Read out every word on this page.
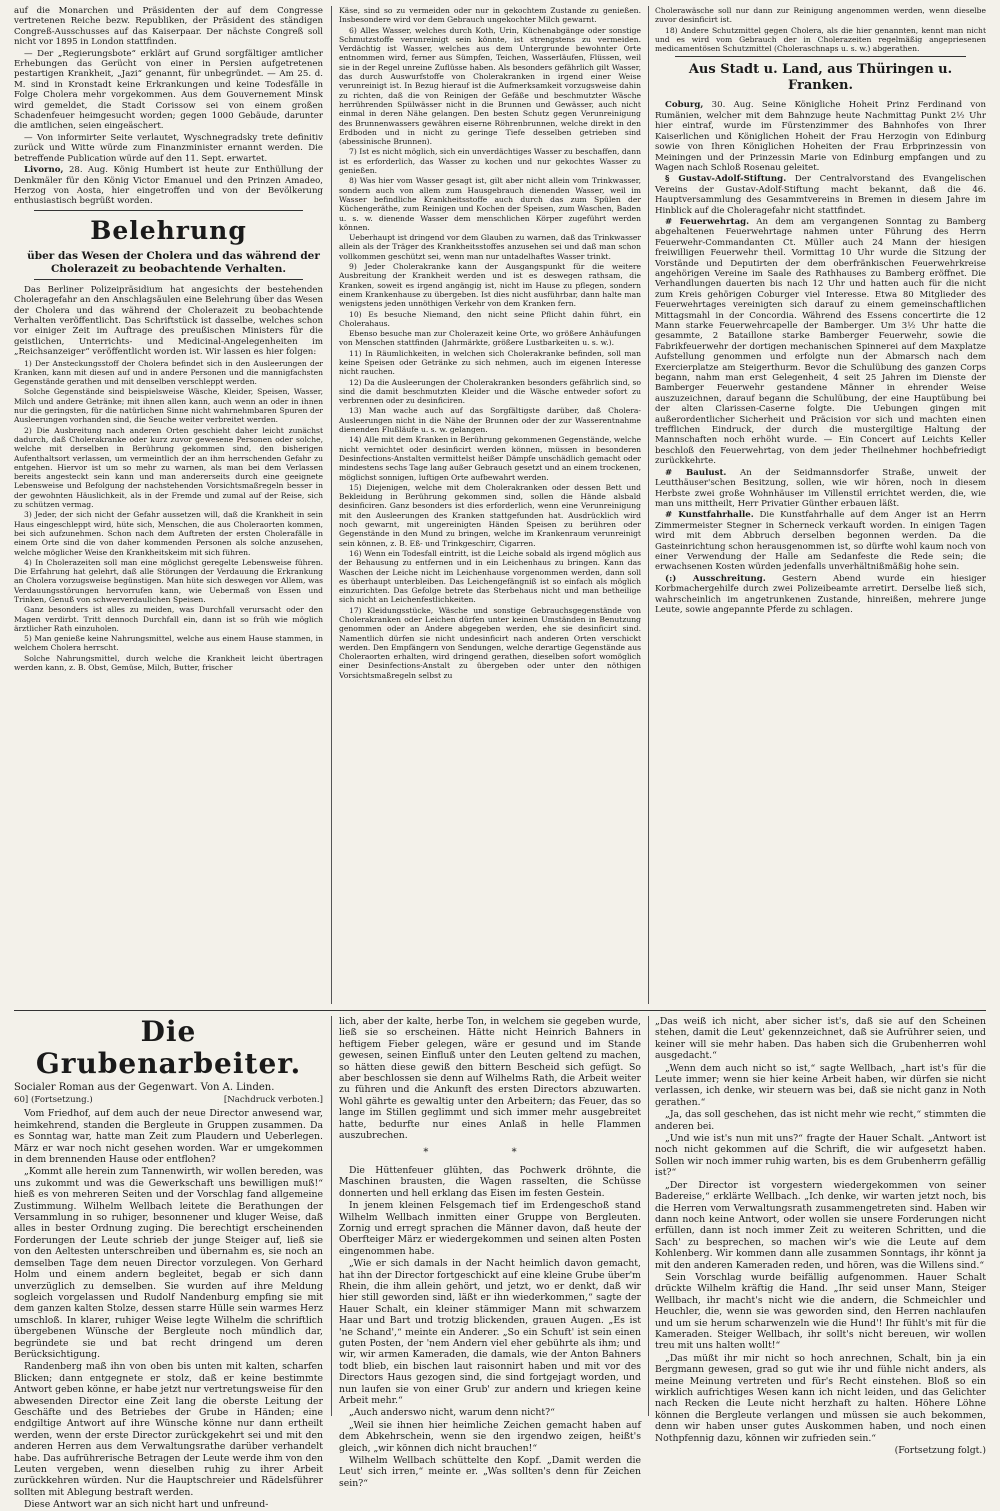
auf die Monarchen und Präsidenten der auf dem Congresse vertretenen Reiche bezw. Republiken, der Präsident des ständigen Congreß-Ausschusses auf das Kaiserpaar. Der nächste Congreß soll nicht vor 1895 in London stattfinden.

— Der „Regierungsbote“ erklärt auf Grund sorgfältiger amtlicher Erhebungen das Gerücht von einer in Persien aufgetretenen pestartigen Krankheit, „Jazi“ genannt, für unbegründet. — Am 25. d. M. sind in Kronstadt keine Erkrankungen und keine Todesfälle in Folge Cholera mehr vorgekommen. Aus dem Gouvernement Minsk wird gemeldet, die Stadt Corissow sei von einem großen Schadenfeuer heimgesucht worden; gegen 1000 Gebäude, darunter die amtlichen, seien eingeäschert.

— Von informirter Seite verlautet, Wyschnegradsky trete definitiv zurück und Witte würde zum Finanzminister ernannt werden. Die betreffende Publication würde auf den 11. Sept. erwartet.

Livorno, 28. Aug. König Humbert ist heute zur Enthüllung der Denkmäler für den König Victor Emanuel und den Prinzen Amadeo, Herzog von Aosta, hier eingetroffen und von der Bevölkerung enthusiastisch begrüßt worden.

Belehrung

über das Wesen der Cholera und das während der Cholerazeit zu beobachtende Verhalten.

Das Berliner Polizeipräsidium hat angesichts der bestehenden Choleragefahr an den Anschlagsäulen eine Belehrung über das Wesen der Cholera und das während der Cholerazeit zu beobachtende Verhalten veröffentlicht. Das Schriftstück ist dasselbe, welches schon vor einiger Zeit im Auftrage des preußischen Ministers für die geistlichen, Unterrichts- und Medicinal-Angelegenheiten im „Reichsanzeiger“ veröffentlicht worden ist. Wir lassen es hier folgen:

1) Der Ansteckungsstoff der Cholera befindet sich in den Ausleerungen der Kranken, kann mit diesen auf und in andere Personen und die mannigfachsten Gegenstände gerathen und mit denselben verschleppt werden.

Solche Gegenstände sind beispielsweise Wäsche, Kleider, Speisen, Wasser, Milch und andere Getränke; mit ihnen allen kann, auch wenn an oder in ihnen nur die geringsten, für die natürlichen Sinne nicht wahrnehmbaren Spuren der Ausleerungen vorhanden sind, die Seuche weiter verbreitet werden.

2) Die Ausbreitung nach anderen Orten geschieht daher leicht zunächst dadurch, daß Cholerakranke oder kurz zuvor gewesene Personen oder solche, welche mit derselben in Berührung gekommen sind, den bisherigen Aufenthaltsort verlassen, um vermeintlich der an ihm herrschenden Gefahr zu entgehen. Hiervor ist um so mehr zu warnen, als man bei dem Verlassen bereits angesteckt sein kann und man andererseits durch eine geeignete Lebensweise und Befolgung der nachstehenden Vorsichtsmaßregeln besser in der gewohnten Häuslichkeit, als in der Fremde und zumal auf der Reise, sich zu schützen vermag.

3) Jeder, der sich nicht der Gefahr aussetzen will, daß die Krankheit in sein Haus eingeschleppt wird, hüte sich, Menschen, die aus Choleraorten kommen, bei sich aufzunehmen. Schon nach dem Auftreten der ersten Cholerafälle in einem Orte sind die von daher kommenden Personen als solche anzusehen, welche möglicher Weise den Krankheitskeim mit sich führen.

4) In Cholerazeiten soll man eine möglichst geregelte Lebensweise führen. Die Erfahrung hat gelehrt, daß alle Störungen der Verdauung die Erkrankung an Cholera vorzugsweise begünstigen. Man hüte sich deswegen vor Allem, was Verdauungsstörungen hervorrufen kann, wie Uebermaß von Essen und Trinken, Genuß von schwerverdaulichen Speisen.

Ganz besonders ist alles zu meiden, was Durchfall verursacht oder den Magen verdirbt. Tritt dennoch Durchfall ein, dann ist so früh wie möglich ärztlicher Rath einzuholen.

5) Man genieße keine Nahrungsmittel, welche aus einem Hause stammen, in welchem Cholera herrscht.

Solche Nahrungsmittel, durch welche die Krankheit leicht übertragen werden kann, z. B. Obst, Gemüse, Milch, Butter, frischer

Käse, sind so zu vermeiden oder nur in gekochtem Zustande zu genießen. Insbesondere wird vor dem Gebrauch ungekochter Milch gewarnt.

6) Alles Wasser, welches durch Koth, Urin, Küchenabgänge oder sonstige Schmutzstoffe verunreinigt sein könnte, ist strengstens zu vermeiden. Verdächtig ist Wasser, welches aus dem Untergrunde bewohnter Orte entnommen wird, ferner aus Sümpfen, Teichen, Wasserläufen, Flüssen, weil sie in der Regel unreine Zuflüsse haben. Als besonders gefährlich gilt Wasser, das durch Auswurfstoffe von Cholerakranken in irgend einer Weise verunreinigt ist. In Bezug hierauf ist die Aufmerksamkeit vorzugsweise dahin zu richten, daß die von Reinigen der Gefäße und beschmutzter Wäsche herrührenden Spülwässer nicht in die Brunnen und Gewässer, auch nicht einmal in deren Nähe gelangen. Den besten Schutz gegen Verunreinigung des Brunnenwassers gewähren eiserne Röhrenbrunnen, welche direkt in den Erdboden und in nicht zu geringe Tiefe desselben getrieben sind (abessinische Brunnen).

7) Ist es nicht möglich, sich ein unverdächtiges Wasser zu beschaffen, dann ist es erforderlich, das Wasser zu kochen und nur gekochtes Wasser zu genießen.

8) Was hier vom Wasser gesagt ist, gilt aber nicht allein vom Trinkwasser, sondern auch von allem zum Hausgebrauch dienenden Wasser, weil im Wasser befindliche Krankheitsstoffe auch durch das zum Spülen der Küchengeräthe, zum Reinigen und Kochen der Speisen, zum Waschen, Baden u. s. w. dienende Wasser dem menschlichen Körper zugeführt werden können.

Ueberhaupt ist dringend vor dem Glauben zu warnen, daß das Trinkwasser allein als der Träger des Krankheitsstoffes anzusehen sei und daß man schon vollkommen geschützt sei, wenn man nur untadelhaftes Wasser trinkt.

9) Jeder Cholerakranke kann der Ausgangspunkt für die weitere Ausbreitung der Krankheit werden und ist es deswegen rathsam, die Kranken, soweit es irgend angängig ist, nicht im Hause zu pflegen, sondern einem Krankenhause zu übergeben. Ist dies nicht ausführbar, dann halte man wenigstens jeden unnöthigen Verkehr von dem Kranken fern.

10) Es besuche Niemand, den nicht seine Pflicht dahin führt, ein Cholerahaus.

Ebenso besuche man zur Cholerazeit keine Orte, wo größere Anhäufungen von Menschen stattfinden (Jahrmärkte, größere Lustbarkeiten u. s. w.).

11) In Räumlichkeiten, in welchen sich Cholerakranke befinden, soll man keine Speisen oder Getränke zu sich nehmen, auch im eigenen Interesse nicht rauchen.

12) Da die Ausleerungen der Cholerakranken besonders gefährlich sind, so sind die damit beschmutzten Kleider und die Wäsche entweder sofort zu verbrennen oder zu desinficiren.

13) Man wache auch auf das Sorgfältigste darüber, daß Cholera-Ausleerungen nicht in die Nähe der Brunnen oder der zur Wasserentnahme dienenden Flußläufe u. s. w. gelangen.

14) Alle mit dem Kranken in Berührung gekommenen Gegenstände, welche nicht vernichtet oder desinficirt werden können, müssen in besonderen Desinfections-Anstalten vermittelst heißer Dämpfe unschädlich gemacht oder mindestens sechs Tage lang außer Gebrauch gesetzt und an einem trockenen, möglichst sonnigen, luftigen Orte aufbewahrt werden.

15) Diejenigen, welche mit dem Cholerakranken oder dessen Bett und Bekleidung in Berührung gekommen sind, sollen die Hände alsbald desinficiren. Ganz besonders ist dies erforderlich, wenn eine Verunreinigung mit den Ausleerungen des Kranken stattgefunden hat. Ausdrücklich wird noch gewarnt, mit ungereinigten Händen Speisen zu berühren oder Gegenstände in den Mund zu bringen, welche im Krankenraum verunreinigt sein können, z. B. Eß- und Trinkgeschirr, Cigarren.

16) Wenn ein Todesfall eintritt, ist die Leiche sobald als irgend möglich aus der Behausung zu entfernen und in ein Leichenhaus zu bringen. Kann das Waschen der Leiche nicht im Leichenhause vorgenommen werden, dann soll es überhaupt unterbleiben. Das Leichengefängniß ist so einfach als möglich einzurichten. Das Gefolge betrete das Sterbehaus nicht und man betheilige sich nicht an Leichenfestlichkeiten.

17) Kleidungsstücke, Wäsche und sonstige Gebrauchsgegenstände von Cholerakranken oder Leichen dürfen unter keinen Umständen in Benutzung genommen oder an Andere abgegeben werden, ehe sie desinficirt sind. Namentlich dürfen sie nicht undesinficirt nach anderen Orten verschickt werden. Den Empfängern von Sendungen, welche derartige Gegenstände aus Choleraorten erhalten, wird dringend gerathen, dieselben sofort womöglich einer Desinfections-Anstalt zu übergeben oder unter den nöthigen Vorsichtsmaßregeln selbst zu

Cholerawäsche soll nur dann zur Reinigung angenommen werden, wenn dieselbe zuvor desinficirt ist.

18) Andere Schutzmittel gegen Cholera, als die hier genannten, kennt man nicht und es wird vom Gebrauch der in Cholerazeiten regelmäßig angepriesenen medicamentösen Schutzmittel (Choleraschnaps u. s. w.) abgerathen.

Aus Stadt u. Land, aus Thüringen u. Franken.

Coburg, 30. Aug. Seine Königliche Hoheit Prinz Ferdinand von Rumänien, welcher mit dem Bahnzuge heute Nachmittag Punkt 2½ Uhr hier eintraf, wurde im Fürstenzimmer des Bahnhofes von Ihrer Kaiserlichen und Königlichen Hoheit der Frau Herzogin von Edinburg sowie von Ihren Königlichen Hoheiten der Frau Erbprinzessin von Meiningen und der Prinzessin Marie von Edinburg empfangen und zu Wagen nach Schloß Rosenau geleitet.

§ Gustav-Adolf-Stiftung. Der Centralvorstand des Evangelischen Vereins der Gustav-Adolf-Stiftung macht bekannt, daß die 46. Hauptversammlung des Gesammtvereins in Bremen in diesem Jahre im Hinblick auf die Choleragefahr nicht stattfindet.

# Feuerwehrtag. An dem am vergangenen Sonntag zu Bamberg abgehaltenen Feuerwehrtage nahmen unter Führung des Herrn Feuerwehr-Commandanten Ct. Müller auch 24 Mann der hiesigen freiwilligen Feuerwehr theil. Vormittag 10 Uhr wurde die Sitzung der Vorstände und Deputirten der dem oberfränkischen Feuerwehrkreise angehörigen Vereine im Saale des Rathhauses zu Bamberg eröffnet. Die Verhandlungen dauerten bis nach 12 Uhr und hatten auch für die nicht zum Kreis gehörigen Coburger viel Interesse. Etwa 80 Mitglieder des Feuerwehrtages vereinigten sich darauf zu einem gemeinschaftlichen Mittagsmahl in der Concordia. Während des Essens concertirte die 12 Mann starke Feuerwehrcapelle der Bamberger. Um 3½ Uhr hatte die gesammte, 2 Bataillone starke Bamberger Feuerwehr, sowie die Fabrikfeuerwehr der dortigen mechanischen Spinnerei auf dem Maxplatze Aufstellung genommen und erfolgte nun der Abmarsch nach dem Exercierplatze am Steigerthurm. Bevor die Schulübung des ganzen Corps begann, nahm man erst Gelegenheit, 4 seit 25 Jahren im Dienste der Bamberger Feuerwehr gestandene Männer in ehrender Weise auszuzeichnen, darauf begann die Schulübung, der eine Hauptübung bei der alten Clarissen-Caserne folgte. Die Uebungen gingen mit außerordentlicher Sicherheit und Präcision vor sich und machten einen trefflichen Eindruck, der durch die mustergiltige Haltung der Mannschaften noch erhöht wurde. — Ein Concert auf Leichts Keller beschloß den Feuerwehrtag, von dem jeder Theilnehmer hochbefriedigt zurückkehrte.

# Baulust. An der Seidmannsdorfer Straße, unweit der Leutthäuser'schen Besitzung, sollen, wie wir hören, noch in diesem Herbste zwei große Wohnhäuser im Villenstil errichtet werden, die, wie man uns mittheilt, Herr Privatier Günther erbauen läßt.

# Kunstfahrhalle. Die Kunstfahrhalle auf dem Anger ist an Herrn Zimmermeister Stegner in Scherneck verkauft worden. In einigen Tagen wird mit dem Abbruch derselben begonnen werden. Da die Gasteinrichtung schon herausgenommen ist, so dürfte wohl kaum noch von einer Verwendung der Halle am Sedanfeste die Rede sein; die erwachsenen Kosten würden jedenfalls unverhältnißmäßig hohe sein.

(:) Ausschreitung. Gestern Abend wurde ein hiesiger Korbmachergehilfe durch zwei Polizeibeamte arretirt. Derselbe ließ sich, wahrscheinlich im angetrunkenen Zustande, hinreißen, mehrere junge Leute, sowie angepannte Pferde zu schlagen.

Die Grubenarbeiter.

Socialer Roman aus der Gegenwart. Von A. Linden.

60] (Fortsetzung.)	[Nachdruck verboten.]

Vom Friedhof, auf dem auch der neue Director anwesend war, heimkehrend, standen die Bergleute in Gruppen zusammen. Da es Sonntag war, hatte man Zeit zum Plaudern und Ueberlegen. März er war noch nicht gesehen worden. War er umgekommen in dem brennenden Hause oder entflohen?

„Kommt alle herein zum Tannenwirth, wir wollen bereden, was uns zukommt und was die Gewerkschaft uns bewilligen muß!“ hieß es von mehreren Seiten und der Vorschlag fand allgemeine Zustimmung. Wilhelm Wellbach leitete die Berathungen der Versammlung in so ruhiger, besonnener und kluger Weise, daß alles in bester Ordnung zuging. Die berechtigt erscheinenden Forderungen der Leute schrieb der junge Steiger auf, ließ sie von den Aeltesten unterschreiben und übernahm es, sie noch an demselben Tage dem neuen Director vorzulegen. Von Gerhard Holm und einem andern begleitet, begab er sich dann unverzüglich zu demselben. Sie wurden auf ihre Meldung sogleich vorgelassen und Rudolf Nandenburg empfing sie mit dem ganzen kalten Stolze, dessen starre Hülle sein warmes Herz umschloß. In klarer, ruhiger Weise legte Wilhelm die schriftlich übergebenen Wünsche der Bergleute noch mündlich dar, begründete sie und bat recht dringend um deren Berücksichtigung.

Randenberg maß ihn von oben bis unten mit kalten, scharfen Blicken; dann entgegnete er stolz, daß er keine bestimmte Antwort geben könne, er habe jetzt nur vertretungsweise für den abwesenden Director eine Zeit lang die oberste Leitung der Geschäfte und des Betriebes der Grube in Händen; eine endgiltige Antwort auf ihre Wünsche könne nur dann ertheilt werden, wenn der erste Director zurückgekehrt sei und mit den anderen Herren aus dem Verwaltungsrathe darüber verhandelt habe. Das aufrührerische Betragen der Leute werde ihm von den Leuten vergeben, wenn dieselben ruhig zu ihrer Arbeit zurückkehren würden. Nur die Hauptschreier und Rädelsführer sollten mit Ablegung bestraft werden.

Diese Antwort war an sich nicht hart und unfreund-

lich, aber der kalte, herbe Ton, in welchem sie gegeben wurde, ließ sie so erscheinen. Hätte nicht Heinrich Bahners in heftigem Fieber gelegen, wäre er gesund und im Stande gewesen, seinen Einfluß unter den Leuten geltend zu machen, so hätten diese gewiß den bittern Bescheid sich gefügt. So aber beschlossen sie denn auf Wilhelms Rath, die Arbeit weiter zu führen und die Ankunft des ersten Directors abzuwarten. Wohl gährte es gewaltig unter den Arbeitern; das Feuer, das so lange im Stillen geglimmt und sich immer mehr ausgebreitet hatte, bedurfte nur eines Anlaß in helle Flammen auszubrechen.

* *

Die Hüttenfeuer glühten, das Pochwerk dröhnte, die Maschinen brausten, die Wagen rasselten, die Schüsse donnerten und hell erklang das Eisen im festen Gestein.

In jenem kleinen Felsgemach tief im Erdengeschoß stand Wilhelm Wellbach inmitten einer Gruppe von Bergleuten. Zornig und erregt sprachen die Männer davon, daß heute der Oberfteiger März er wiedergekommen und seinen alten Posten eingenommen habe.

„Wie er sich damals in der Nacht heimlich davon gemacht, hat ihn der Director fortgeschickt auf eine kleine Grube über'm Rhein, die ihm allein gehört, und jetzt, wo er denkt, daß wir hier still geworden sind, läßt er ihn wiederkommen,“ sagte der Hauer Schalt, ein kleiner stämmiger Mann mit schwarzem Haar und Bart und trotzig blickenden, grauen Augen. „Es ist 'ne Schand',“ meinte ein Anderer. „So ein Schuft' ist sein einen guten Posten, der 'nem Andern viel eher gebührte als ihm; und wir, wir armen Kameraden, die damals, wie der Anton Bahners todt blieb, ein bischen laut raisonnirt haben und mit vor des Directors Haus gezogen sind, die sind fortgejagt worden, und nun laufen sie von einer Grub' zur andern und kriegen keine Arbeit mehr.“

„Auch anderswo nicht, warum denn nicht?“

„Weil sie ihnen hier heimliche Zeichen gemacht haben auf dem Abkehrschein, wenn sie den irgendwo zeigen, heißt's gleich, „wir können dich nicht brauchen!“

Wilhelm Wellbach schüttelte den Kopf. „Damit werden die Leut' sich irren,“ meinte er. „Was sollten's denn für Zeichen sein?“

„Das weiß ich nicht, aber sicher ist's, daß sie auf den Scheinen stehen, damit die Leut' gekennzeichnet, daß sie Aufrührer seien, und keiner will sie mehr haben. Das haben sich die Grubenherren wohl ausgedacht.“

„Wenn dem auch nicht so ist,“ sagte Wellbach, „hart ist's für die Leute immer; wenn sie hier keine Arbeit haben, wir dürfen sie nicht verlassen, ich denke, wir steuern was bei, daß sie nicht ganz in Noth gerathen.“

„Ja, das soll geschehen, das ist nicht mehr wie recht,“ stimmten die anderen bei.

„Und wie ist's nun mit uns?“ fragte der Hauer Schalt. „Antwort ist noch nicht gekommen auf die Schrift, die wir aufgesetzt haben. Sollen wir noch immer ruhig warten, bis es dem Grubenherrn gefällig ist?“

„Der Director ist vorgestern wiedergekommen von seiner Badereise,“ erklärte Wellbach. „Ich denke, wir warten jetzt noch, bis die Herren vom Verwaltungsrath zusammengetreten sind. Haben wir dann noch keine Antwort, oder wollen sie unsere Forderungen nicht erfüllen, dann ist noch immer Zeit zu weiteren Schritten, und die Sach' zu besprechen, so machen wir's wie die Leute auf dem Kohlenberg. Wir kommen dann alle zusammen Sonntags, ihr könnt ja mit den anderen Kameraden reden, und hören, was die Willens sind.“

Sein Vorschlag wurde beifällig aufgenommen. Hauer Schalt drückte Wilhelm kräftig die Hand. „Ihr seid unser Mann, Steiger Wellbach, ihr macht's nicht wie die andern, die Schmeichler und Heuchler, die, wenn sie was geworden sind, den Herren nachlaufen und um sie herum scharwenzeln wie die Hund'! Ihr fühlt's mit für die Kameraden. Steiger Wellbach, ihr sollt's nicht bereuen, wir wollen treu mit uns halten wollt!“

„Das müßt ihr mir nicht so hoch anrechnen, Schalt, bin ja ein Bergmann gewesen, grad so gut wie ihr und fühle nicht anders, als meine Meinung vertreten und für's Recht einstehen. Bloß so ein wirklich aufrichtiges Wesen kann ich nicht leiden, und das Gelichter nach Recken die Leute nicht herzhaft zu halten. Höhere Löhne können die Bergleute verlangen und müssen sie auch bekommen, denn wir haben unser gutes Auskommen haben, und noch einen Nothpfennig dazu, können wir zufrieden sein.“

(Fortsetzung folgt.)
